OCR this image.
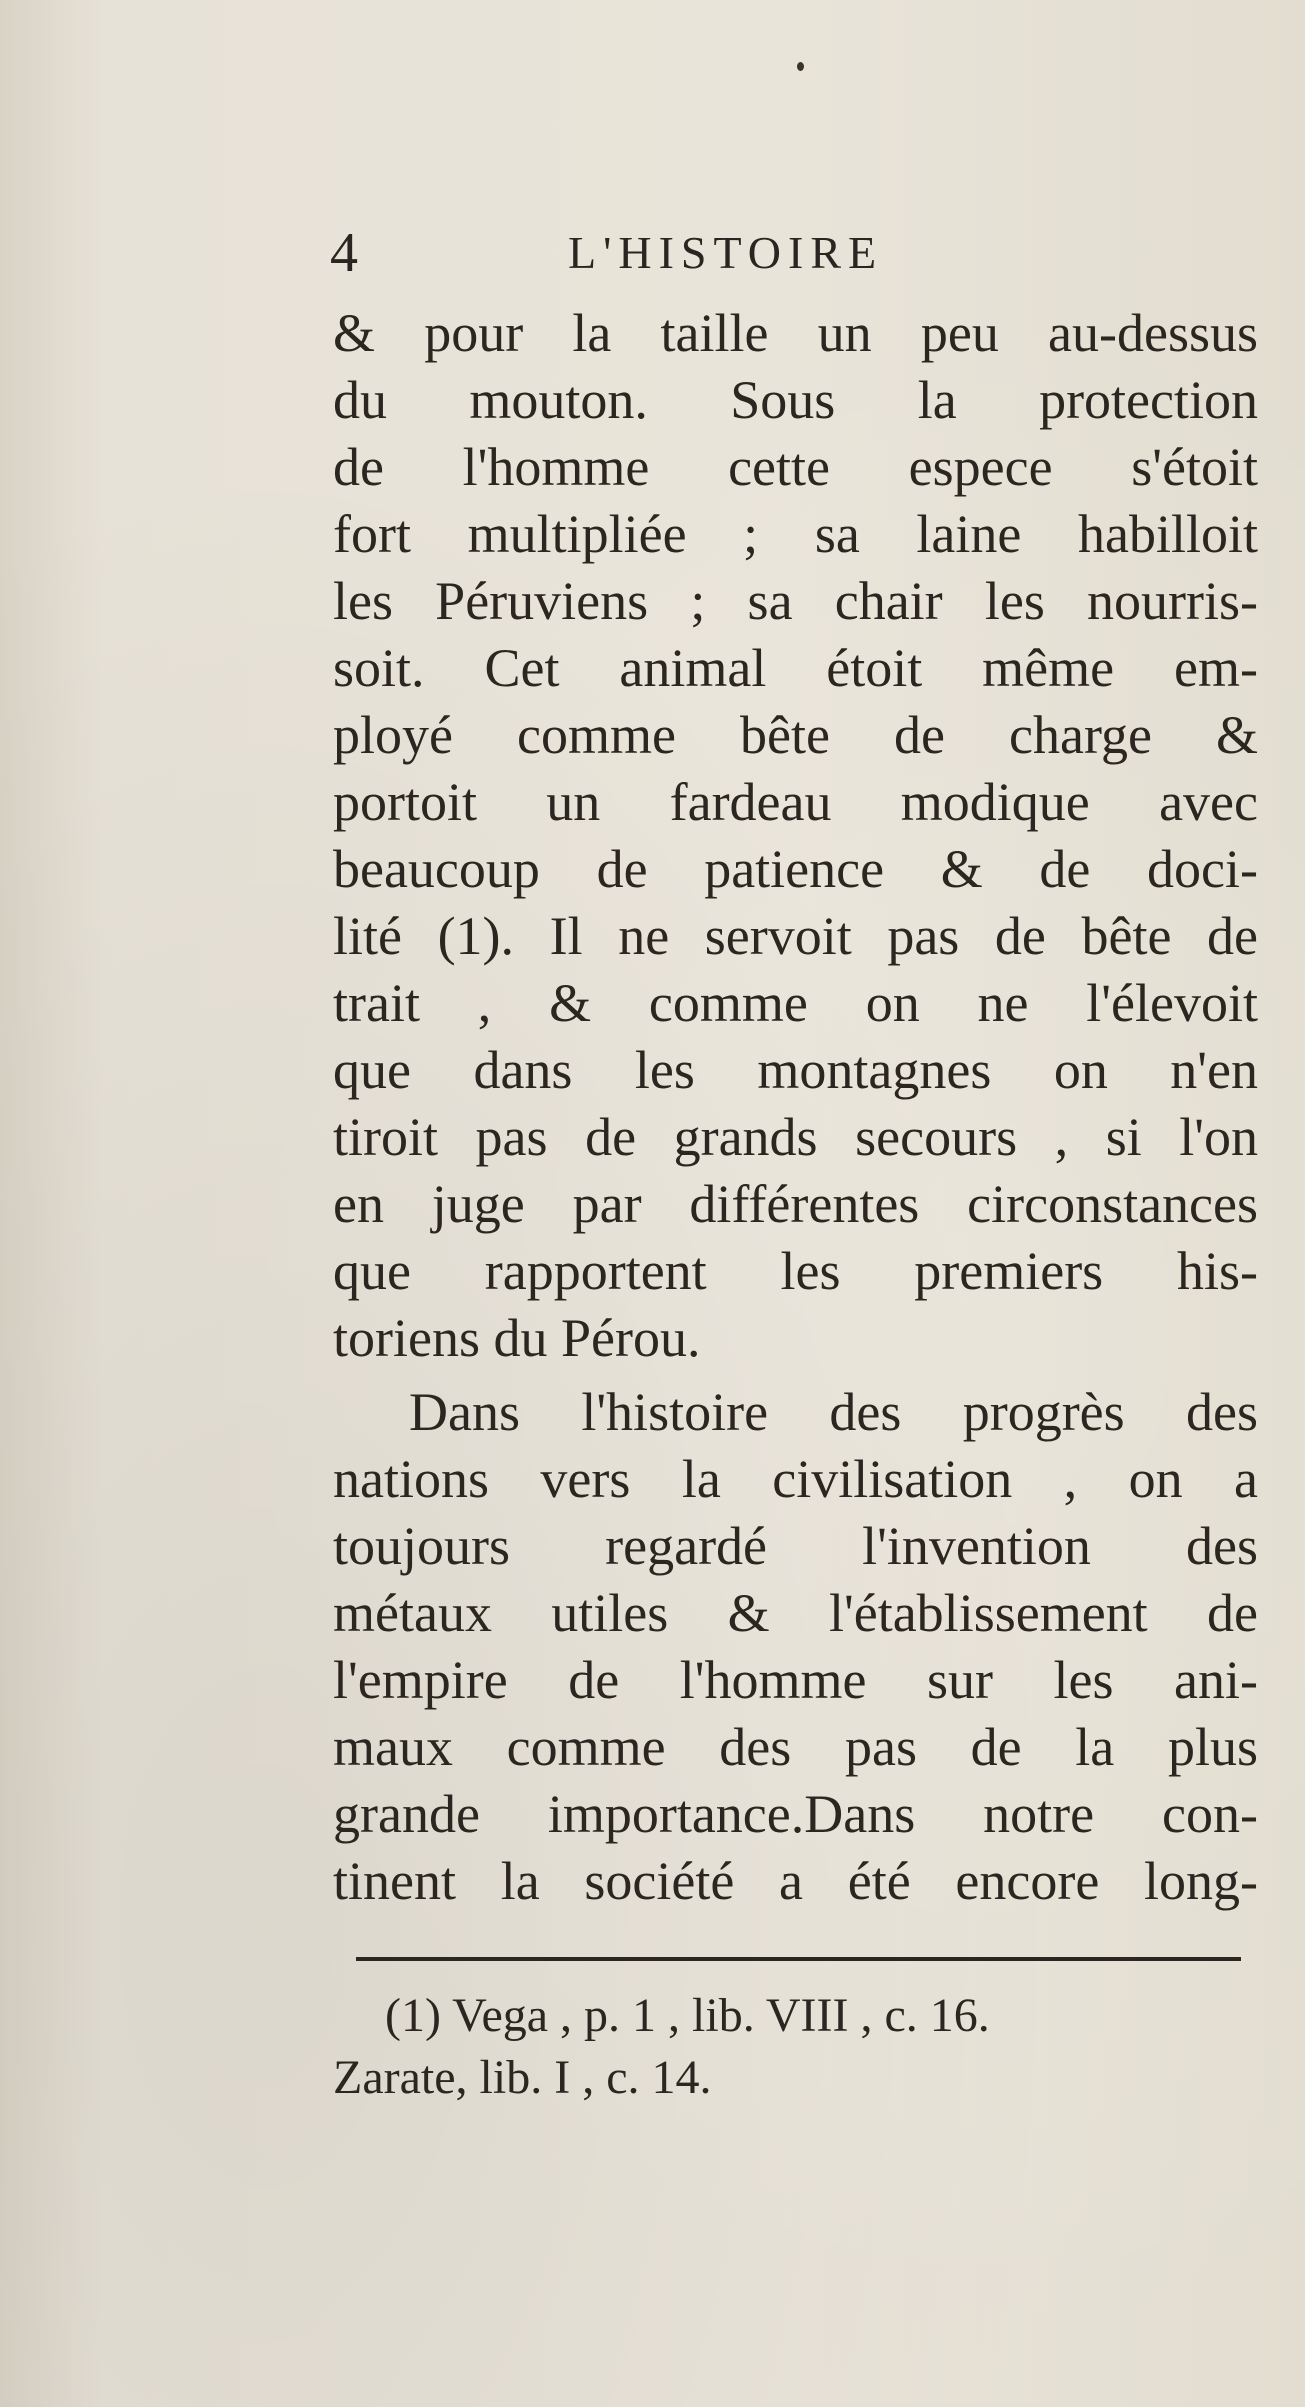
4	L'HISTOIRE
& pour la taille un peu au-dessus
du mouton. Sous la protection
de l'homme cette espece s'étoit
fort multipliée ; sa laine habilloit
les Péruviens ; sa chair les nourris-
soit. Cet animal étoit même em-
ployé comme bête de charge &
portoit un fardeau modique avec
beaucoup de patience & de doci-
lité (1). Il ne servoit pas de bête de
trait , & comme on ne l'élevoit
que dans les montagnes on n'en
tiroit pas de grands secours , si l'on
en juge par différentes circonstances
que rapportent les premiers his-
toriens du Pérou.
Dans l'histoire des progrès des
nations vers la civilisation , on a
toujours regardé l'invention des
métaux utiles & l'établissement de
l'empire de l'homme sur les ani-
maux comme des pas de la plus
grande importance.Dans notre con-
tinent la société a été encore long-
(1) Vega , p. 1 , lib. VIII , c. 16.
Zarate, lib. I , c. 14.
